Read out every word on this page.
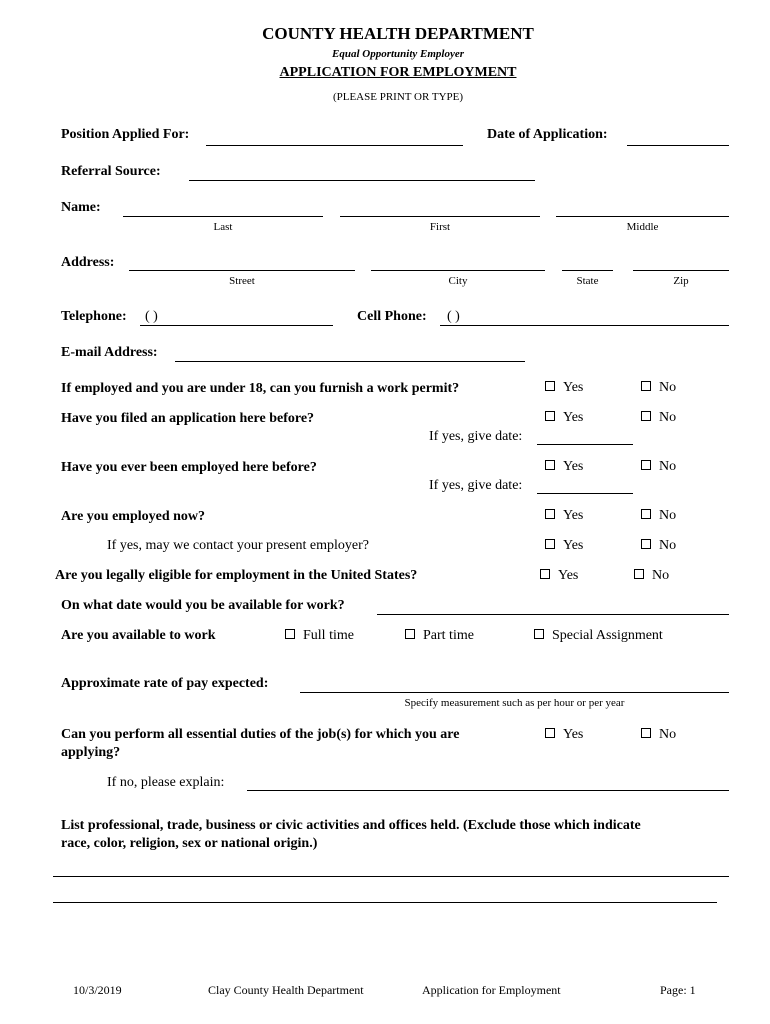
COUNTY HEALTH DEPARTMENT
Equal Opportunity Employer
APPLICATION FOR EMPLOYMENT
(PLEASE PRINT OR TYPE)
Position Applied For:	Date of Application:
Referral Source:
Name:
Last	First	Middle
Address:
Street	City	State	Zip
Telephone: ( )	Cell Phone: ( )
E-mail Address:
If employed and you are under 18, can you furnish a work permit?	Yes	No
Have you filed an application here before?	Yes	No
If yes, give date:
Have you ever been employed here before?	Yes	No
If yes, give date:
Are you employed now?	Yes	No
If yes, may we contact your present employer?	Yes	No
Are you legally eligible for employment in the United States?	Yes	No
On what date would you be available for work?
Are you available to work	Full time	Part time	Special Assignment
Approximate rate of pay expected:
Specify measurement such as per hour or per year
Can you perform all essential duties of the job(s) for which you are
applying?
Yes	No
If no, please explain:
List professional, trade, business or civic activities and offices held. (Exclude those which indicate
race, color, religion, sex or national origin.)
10/3/2019	Clay County Health Department	Application for Employment	Page: 1
